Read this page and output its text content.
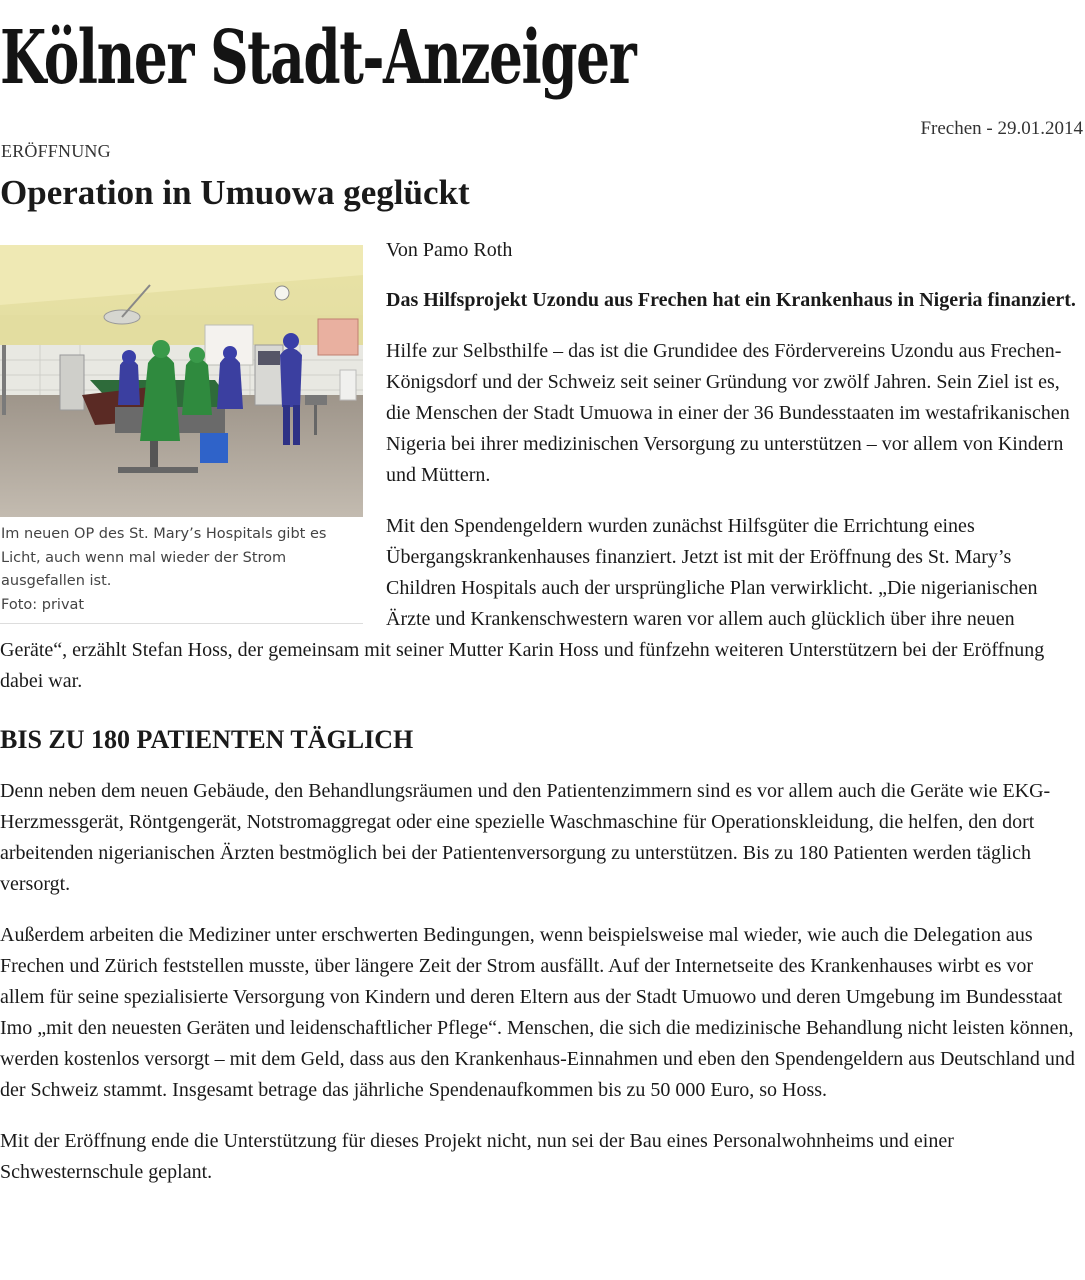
Kölner Stadt-Anzeiger
Frechen - 29.01.2014
ERÖFFNUNG
Operation in Umuowa geglückt
Im neuen OP des St. Mary’s Hospitals gibt es Licht, auch wenn mal wieder der Strom ausgefallen ist.
Foto: privat

Von Pamo Roth

Das Hilfsprojekt Uzondu aus Frechen hat ein Krankenhaus in Nigeria finanziert.

Hilfe zur Selbsthilfe – das ist die Grundidee des Fördervereins Uzondu aus Frechen-Königsdorf und der Schweiz seit seiner Gründung vor zwölf Jahren. Sein Ziel ist es, die Menschen der Stadt Umuowa in einer der 36 Bundesstaaten im westafrikanischen Nigeria bei ihrer medizinischen Versorgung zu unterstützen – vor allem von Kindern und Müttern.

Mit den Spendengeldern wurden zunächst Hilfsgüter die Errichtung eines Übergangskrankenhauses finanziert. Jetzt ist mit der Eröffnung des St. Mary’s Children Hospitals auch der ursprüngliche Plan verwirklicht. „Die nigerianischen Ärzte und Krankenschwestern waren vor allem auch glücklich über ihre neuen Geräte“, erzählt Stefan Hoss, der gemeinsam mit seiner Mutter Karin Hoss und fünfzehn weiteren Unterstützern bei der Eröffnung dabei war.

BIS ZU 180 PATIENTEN TÄGLICH

Denn neben dem neuen Gebäude, den Behandlungsräumen und den Patientenzimmern sind es vor allem auch die Geräte wie EKG-Herzmessgerät, Röntgengerät, Notstromaggregat oder eine spezielle Waschmaschine für Operationskleidung, die helfen, den dort arbeitenden nigerianischen Ärzten bestmöglich bei der Patientenversorgung zu unterstützen. Bis zu 180 Patienten werden täglich versorgt.

Außerdem arbeiten die Mediziner unter erschwerten Bedingungen, wenn beispielsweise mal wieder, wie auch die Delegation aus Frechen und Zürich feststellen musste, über längere Zeit der Strom ausfällt. Auf der Internetseite des Krankenhauses wirbt es vor allem für seine spezialisierte Versorgung von Kindern und deren Eltern aus der Stadt Umuowo und deren Umgebung im Bundesstaat Imo „mit den neuesten Geräten und leidenschaftlicher Pflege“. Menschen, die sich die medizinische Behandlung nicht leisten können, werden kostenlos versorgt – mit dem Geld, dass aus den Krankenhaus-Einnahmen und eben den Spendengeldern aus Deutschland und der Schweiz stammt. Insgesamt betrage das jährliche Spendenaufkommen bis zu 50 000 Euro, so Hoss.

Mit der Eröffnung ende die Unterstützung für dieses Projekt nicht, nun sei der Bau eines Personalwohnheims und einer Schwesternschule geplant.
